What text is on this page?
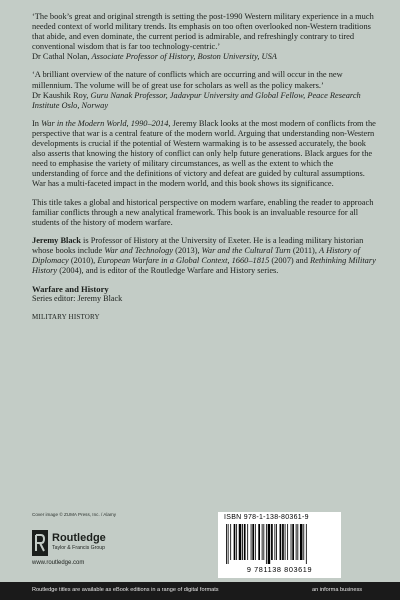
‘The book’s great and original strength is setting the post-1990 Western military experience in a much needed context of world military trends. Its emphasis on too often overlooked non-Western traditions that abide, and even dominate, the current period is admirable, and refreshingly contrary to tired conventional wisdom that is far too technology-centric.’
Dr Cathal Nolan, Associate Professor of History, Boston University, USA

‘A brilliant overview of the nature of conflicts which are occurring and will occur in the new millennium. The volume will be of great use for scholars as well as the policy makers.’
Dr Kaushik Roy, Guru Nanak Professor, Jadavpur University and Global Fellow, Peace Research Institute Oslo, Norway

In War in the Modern World, 1990–2014, Jeremy Black looks at the most modern of conflicts from the perspective that war is a central feature of the modern world. Arguing that understanding non-Western developments is crucial if the potential of Western warmaking is to be assessed accurately, the book also asserts that knowing the history of conflict can only help future generations. Black argues for the need to emphasise the variety of military circumstances, as well as the extent to which the understanding of force and the definitions of victory and defeat are guided by cultural assumptions. War has a multi-faceted impact in the modern world, and this book shows its significance.

This title takes a global and historical perspective on modern warfare, enabling the reader to approach familiar conflicts through a new analytical framework. This book is an invaluable resource for all students of the history of modern warfare.

Jeremy Black is Professor of History at the University of Exeter. He is a leading military historian whose books include War and Technology (2013), War and the Cultural Turn (2011), A History of Diplomacy (2010), European Warfare in a Global Context, 1660–1815 (2007) and Rethinking Military History (2004), and is editor of the Routledge Warfare and History series.

Warfare and History

Series editor: Jeremy Black

MILITARY HISTORY

Cover image © ZUMA Press, Inc. / Alamy
Routledge
Taylor & Francis Group
www.routledge.com
ISBN 978-1-138-80361-9
9 781138 803619
Routledge titles are available as eBook editions in a range of digital formats	an informa business
